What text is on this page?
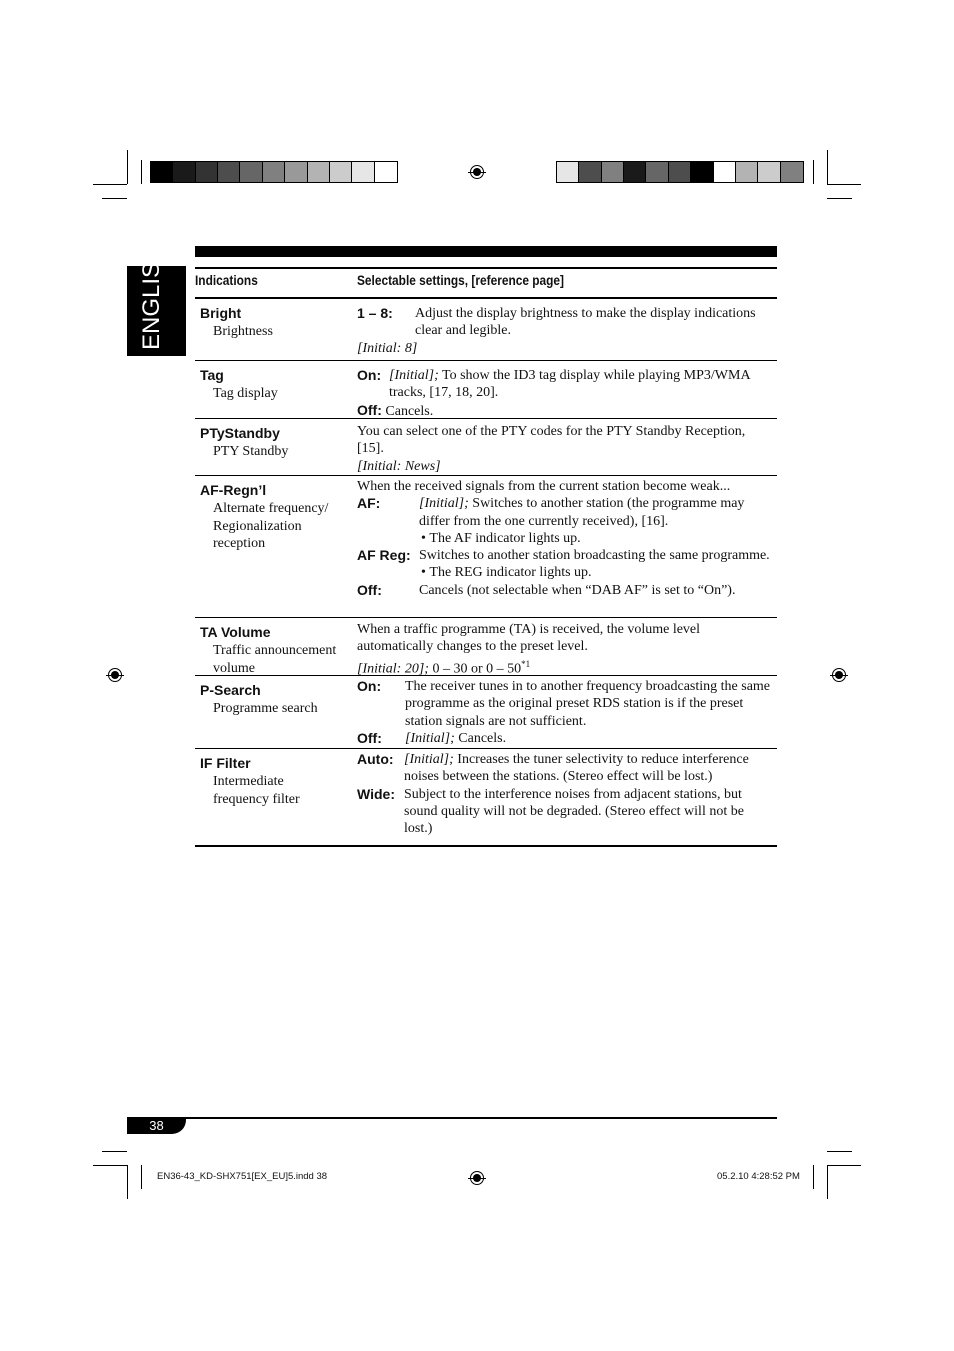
ENGLISH Indications	Selectable settings, [reference page]
Bright
Brightness
1 – 8:	Adjust the display brightness to make the display indications clear and legible.

[Initial: 8]

Tag
Tag display
On: [Initial]; To show the ID3 tag display while playing MP3/WMA tracks, [17, 18, 20].

Off: Cancels.

PTyStandby
PTY Standby

You can select one of the PTY codes for the PTY Standby Reception, [15].

[Initial: News]

AF-Regn’l
Alternate frequency/
Regionalization
reception

When the received signals from the current station become weak...

AF:	[Initial]; Switches to another station (the programme may differ from the one currently received), [16].
• The AF indicator lights up.
AF Reg: Switches to another station broadcasting the same programme.
• The REG indicator lights up.
Off:	Cancels (not selectable when “DAB AF” is set to “On”).
TA Volume
Traffic announcement
volume

When a traffic programme (TA) is received, the volume level automatically changes to the preset level.

[Initial: 20]; 0 – 30 or 0 – 50$^{*1}$

P-Search
Programme search
On:	The receiver tunes in to another frequency broadcasting the same programme as the original preset RDS station is if the preset station signals are not sufficient.
Off:	[Initial]; Cancels.
IF Filter
Intermediate
frequency filter
Auto: [Initial]; Increases the tuner selectivity to reduce interference noises between the stations. (Stereo effect will be lost.)
Wide: Subject to the interference noises from adjacent stations, but sound quality will not be degraded. (Stereo effect will not be lost.)
38
EN36-43_KD-SHX751[EX_EU]5.indd 38	05.2.10 4:28:52 PM
